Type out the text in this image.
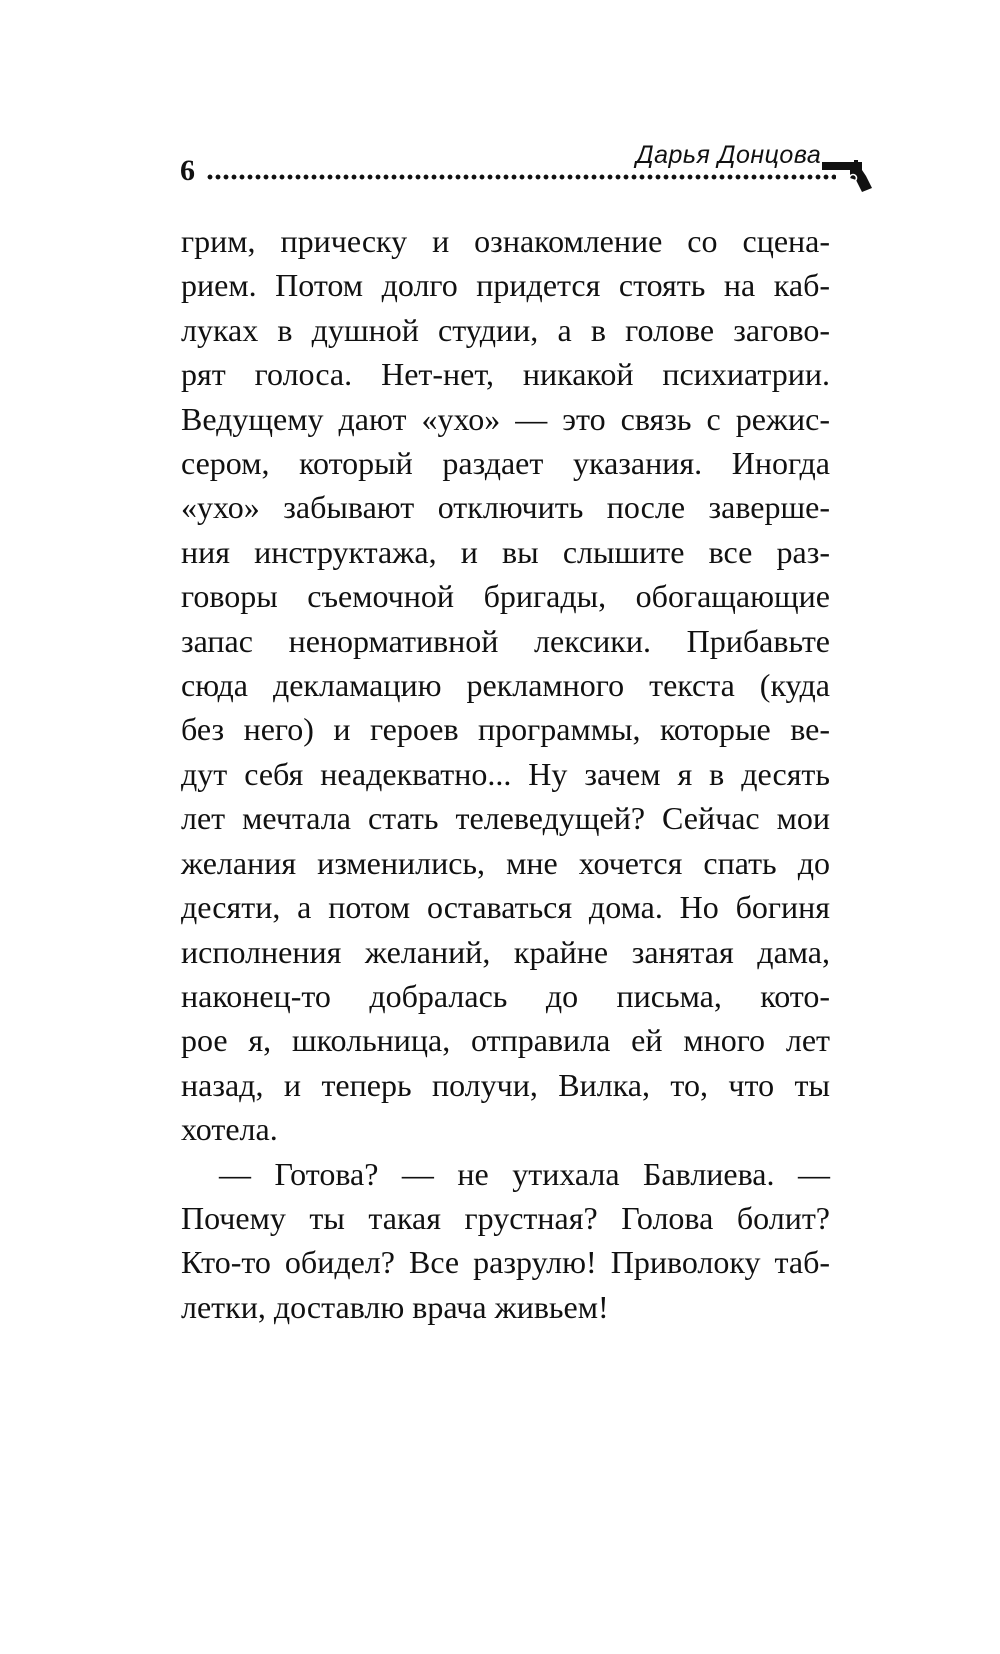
6	Дарья Донцова

грим, прическу и ознакомление со сцена-
рием. Потом долго придется стоять на каб-
луках в душной студии, а в голове загово-
рят голоса. Нет-нет, никакой психиатрии.
Ведущему дают «ухо» — это связь с режис-
сером, который раздает указания. Иногда
«ухо» забывают отключить после заверше-
ния инструктажа, и вы слышите все раз-
говоры съемочной бригады, обогащающие
запас ненормативной лексики. Прибавьте
сюда декламацию рекламного текста (куда
без него) и героев программы, которые ве-
дут себя неадекватно... Ну зачем я в десять
лет мечтала стать телеведущей? Сейчас мои
желания изменились, мне хочется спать до
десяти, а потом оставаться дома. Но богиня
исполнения желаний, крайне занятая дама,
наконец-то добралась до письма, кото-
рое я, школьница, отправила ей много лет
назад, и теперь получи, Вилка, то, что ты
хотела.

— Готова? — не утихала Бавлиева. —
Почему ты такая грустная? Голова болит?
Кто-то обидел? Все разрулю! Приволоку таб-
летки, доставлю врача живьем!
